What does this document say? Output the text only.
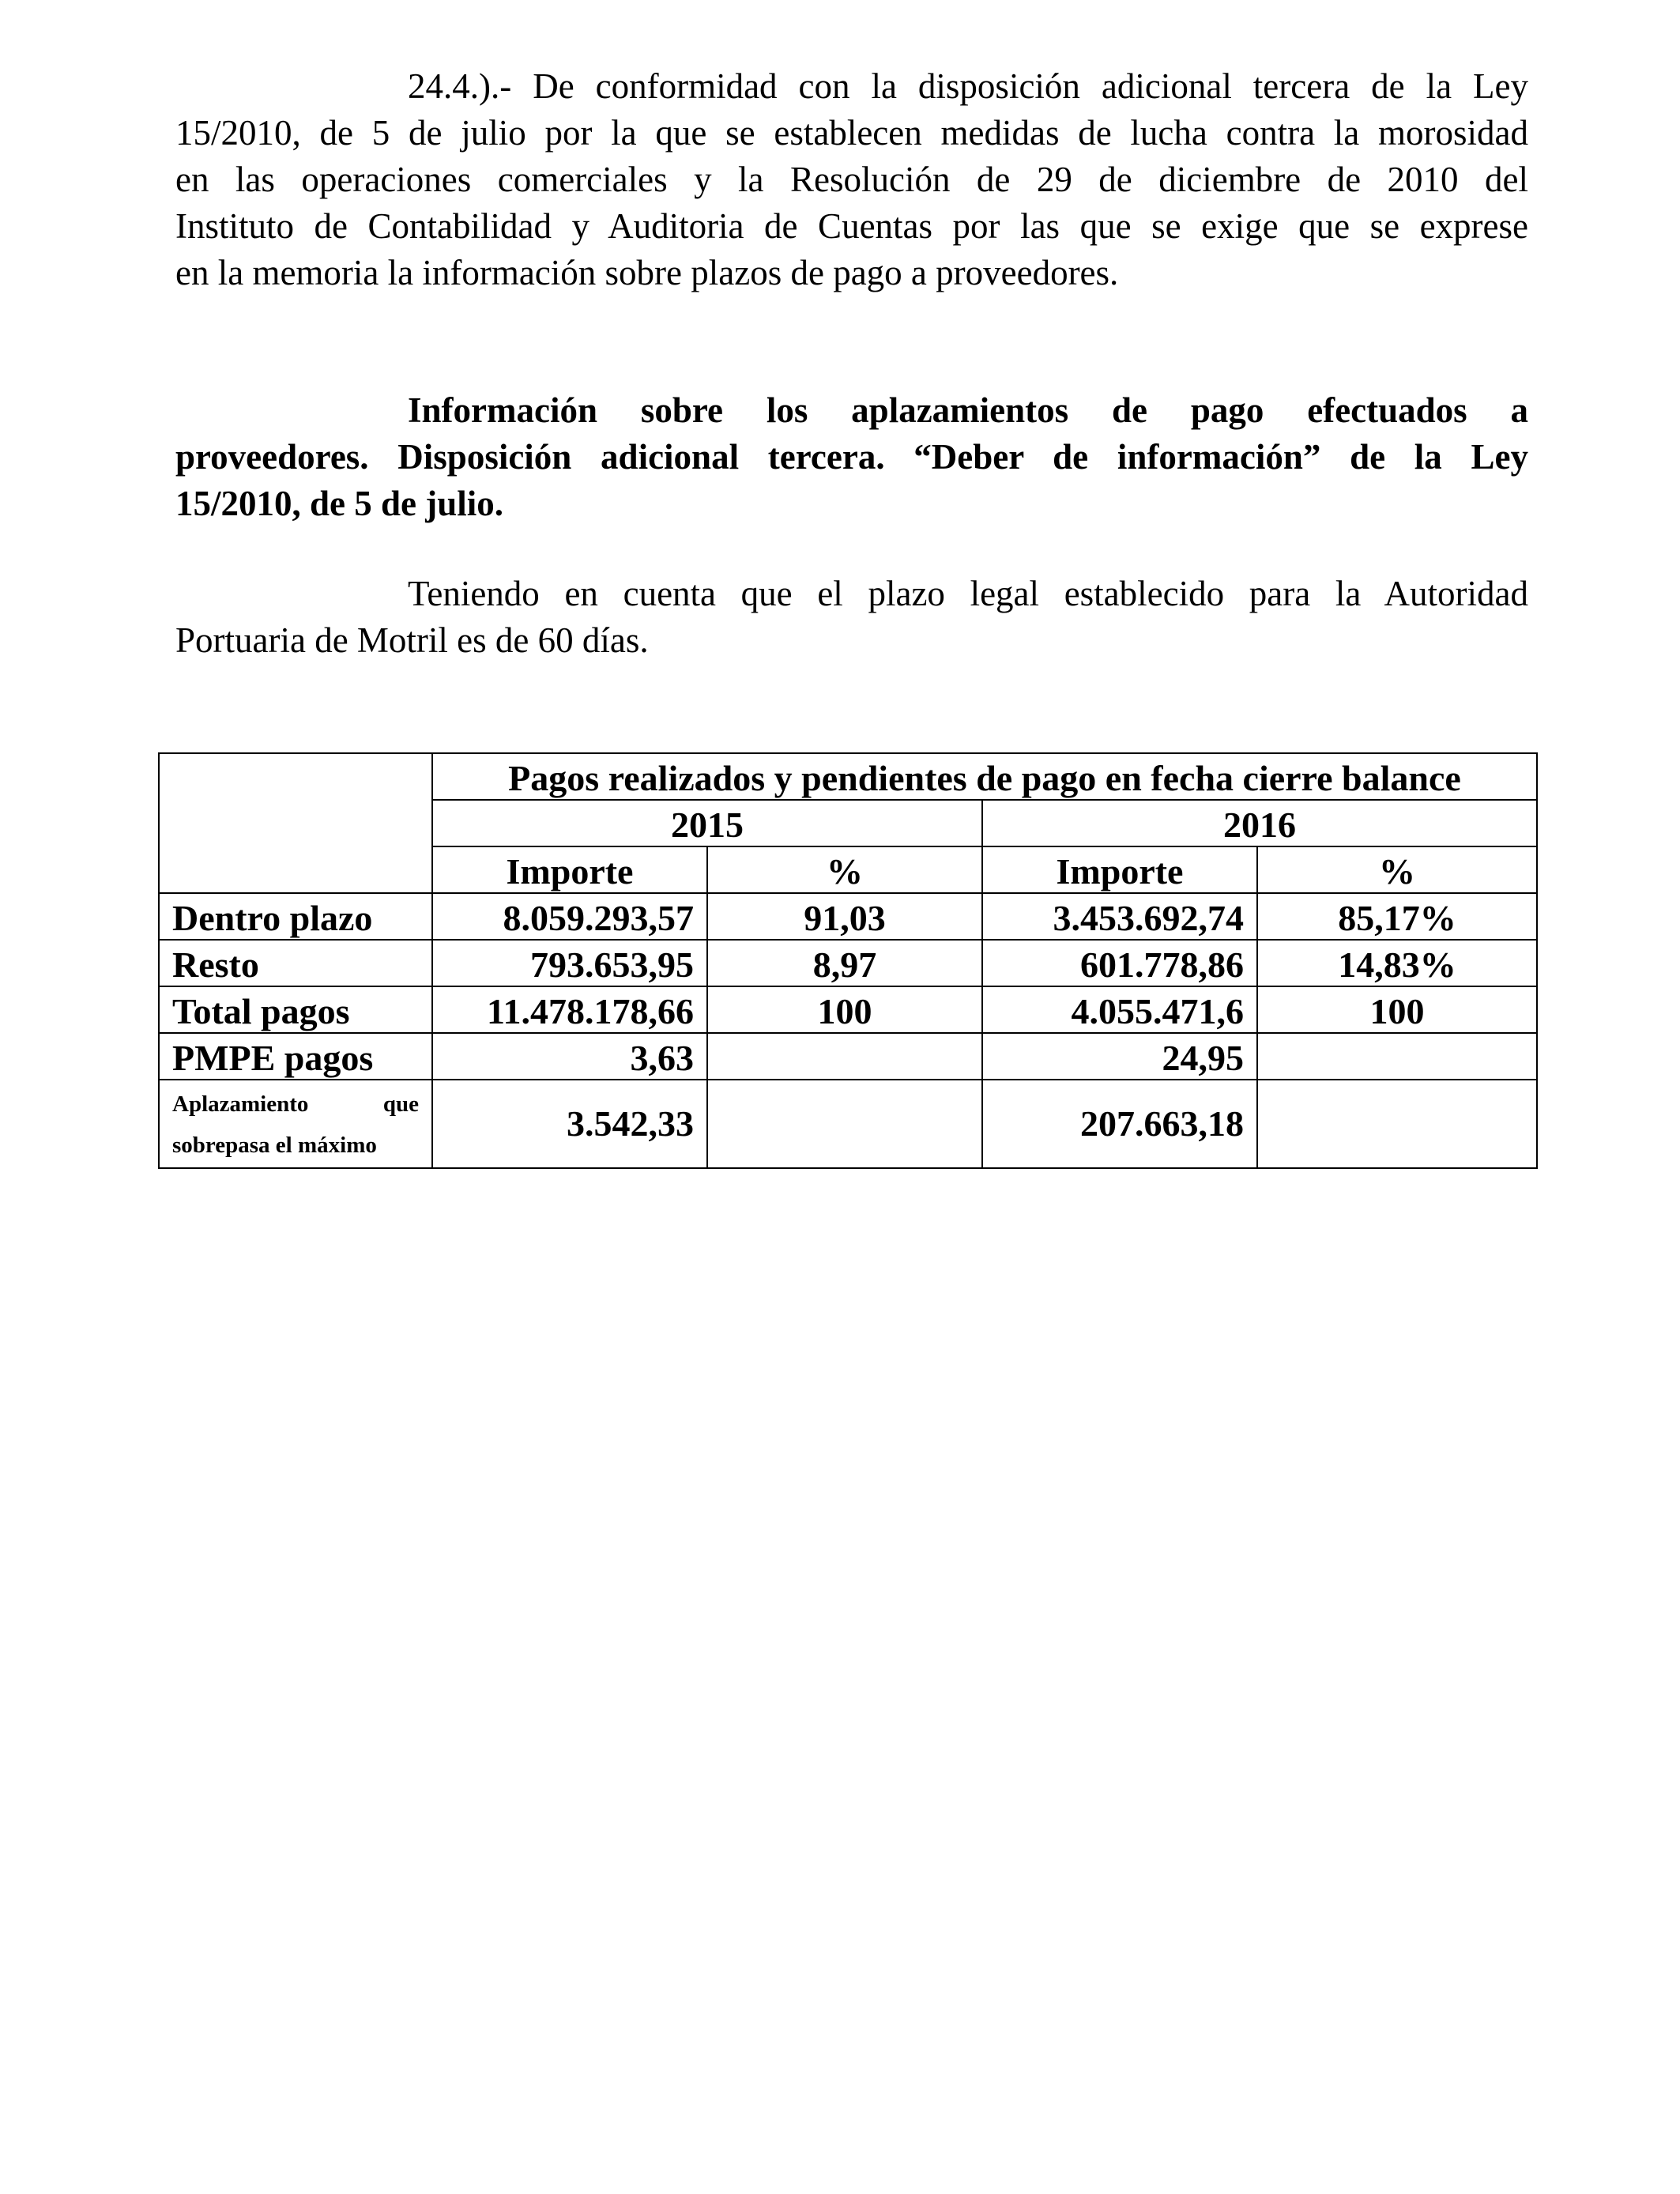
24.4.).- De conformidad con la disposición adicional tercera de la Ley
15/2010, de 5 de julio por la que se establecen medidas de lucha contra la morosidad
en las operaciones comerciales y la Resolución de 29 de diciembre de 2010 del
Instituto de Contabilidad y Auditoria de Cuentas por las que se exige que se exprese
en la memoria la información sobre plazos de pago a proveedores.

Información sobre los aplazamientos de pago efectuados a
proveedores. Disposición adicional tercera. “Deber de información” de la Ley
15/2010, de 5 de julio.

Teniendo en cuenta que el plazo legal establecido para la Autoridad
Portuaria de Motril es de 60 días.

	Pagos realizados y pendientes de pago en fecha cierre balance			
	2015		2016	
	Importe	%	Importe	%
Dentro plazo	8.059.293,57	91,03	3.453.692,74	85,17%
Resto	793.653,95	8,97	601.778,86	14,83%
Total pagos	11.478.178,66	100	4.055.471,6	100
PMPE pagos	3,63		24,95	

Aplazamiento que
sobrepasa el máximo	3.542,33		207.663,18	
